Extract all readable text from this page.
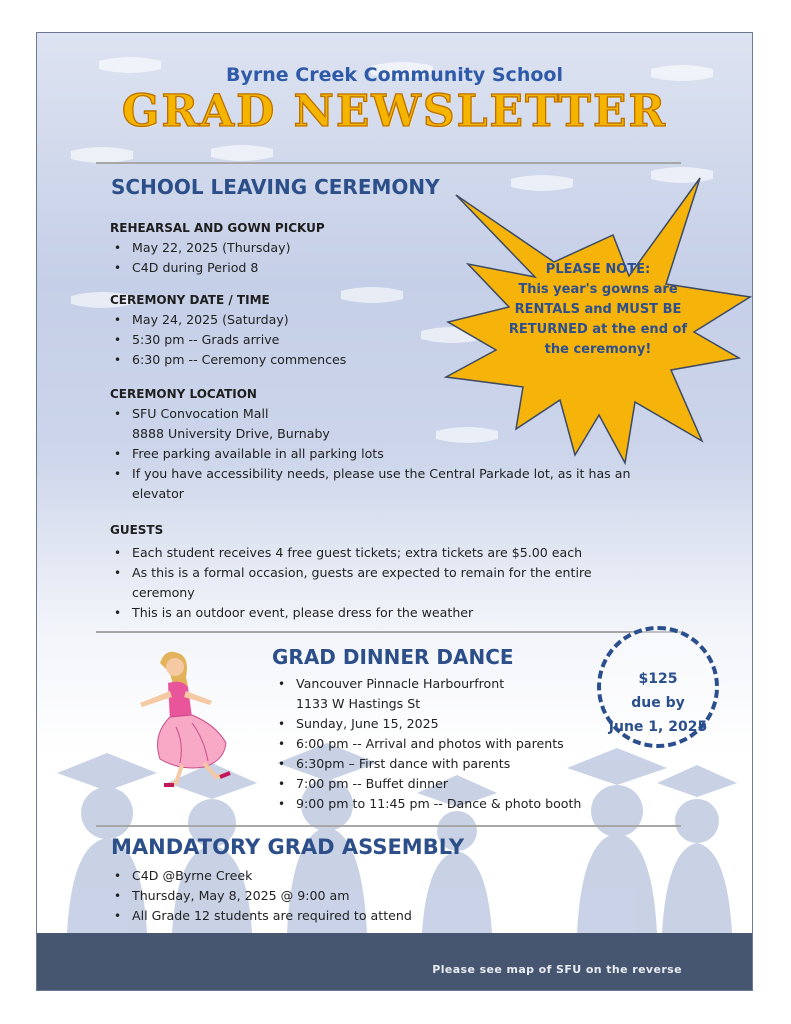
Byrne Creek Community School
GRAD NEWSLETTER
SCHOOL LEAVING CEREMONY
REHEARSAL AND GOWN PICKUP
• May 22, 2025 (Thursday)
• C4D during Period 8
CEREMONY DATE / TIME
• May 24, 2025 (Saturday)
• 5:30 pm -- Grads arrive
• 6:30 pm -- Ceremony commences
CEREMONY LOCATION
• SFU Convocation Mall
8888 University Drive, Burnaby
• Free parking available in all parking lots
• If you have accessibility needs, please use the Central Parkade lot, as it has an
elevator
GUESTS
• Each student receives 4 free guest tickets; extra tickets are $5.00 each
• As this is a formal occasion, guests are expected to remain for the entire
ceremony
• This is an outdoor event, please dress for the weather
PLEASE NOTE:
This year's gowns are
RENTALS and MUST BE
RETURNED at the end of
the ceremony!
GRAD DINNER DANCE
• Vancouver Pinnacle Harbourfront
1133 W Hastings St
• Sunday, June 15, 2025
• 6:00 pm -- Arrival and photos with parents
• 6:30pm – First dance with parents
• 7:00 pm -- Buffet dinner
• 9:00 pm to 11:45 pm -- Dance & photo booth
$125
due by
June 1, 2025
MANDATORY GRAD ASSEMBLY
• C4D @Byrne Creek
• Thursday, May 8, 2025 @ 9:00 am
• All Grade 12 students are required to attend
Please see map of SFU on the reverse
